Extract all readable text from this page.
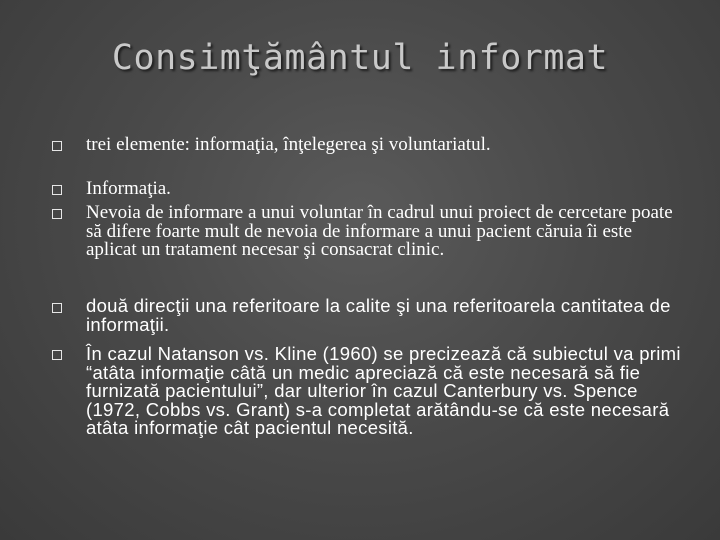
Consimţământul informat

trei elemente: informaţia, înţelegerea şi voluntariatul.

Informaţia.

Nevoia de informare a unui voluntar în cadrul unui proiect de cercetare poate să difere foarte mult de nevoia de informare a unui pacient căruia îi este aplicat un tratament necesar şi consacrat clinic.

două direcţii una referitoare la calite şi una referitoarela cantitatea de informaţii.

În cazul Natanson vs. Kline (1960) se precizează că subiectul va primi “atâta informaţie câtă un medic apreciază că este necesară să fie furnizată pacientului”, dar ulterior în cazul Canterbury vs. Spence (1972, Cobbs vs. Grant) s-a completat arătându-se că este necesară atâta informaţie cât pacientul necesită.
